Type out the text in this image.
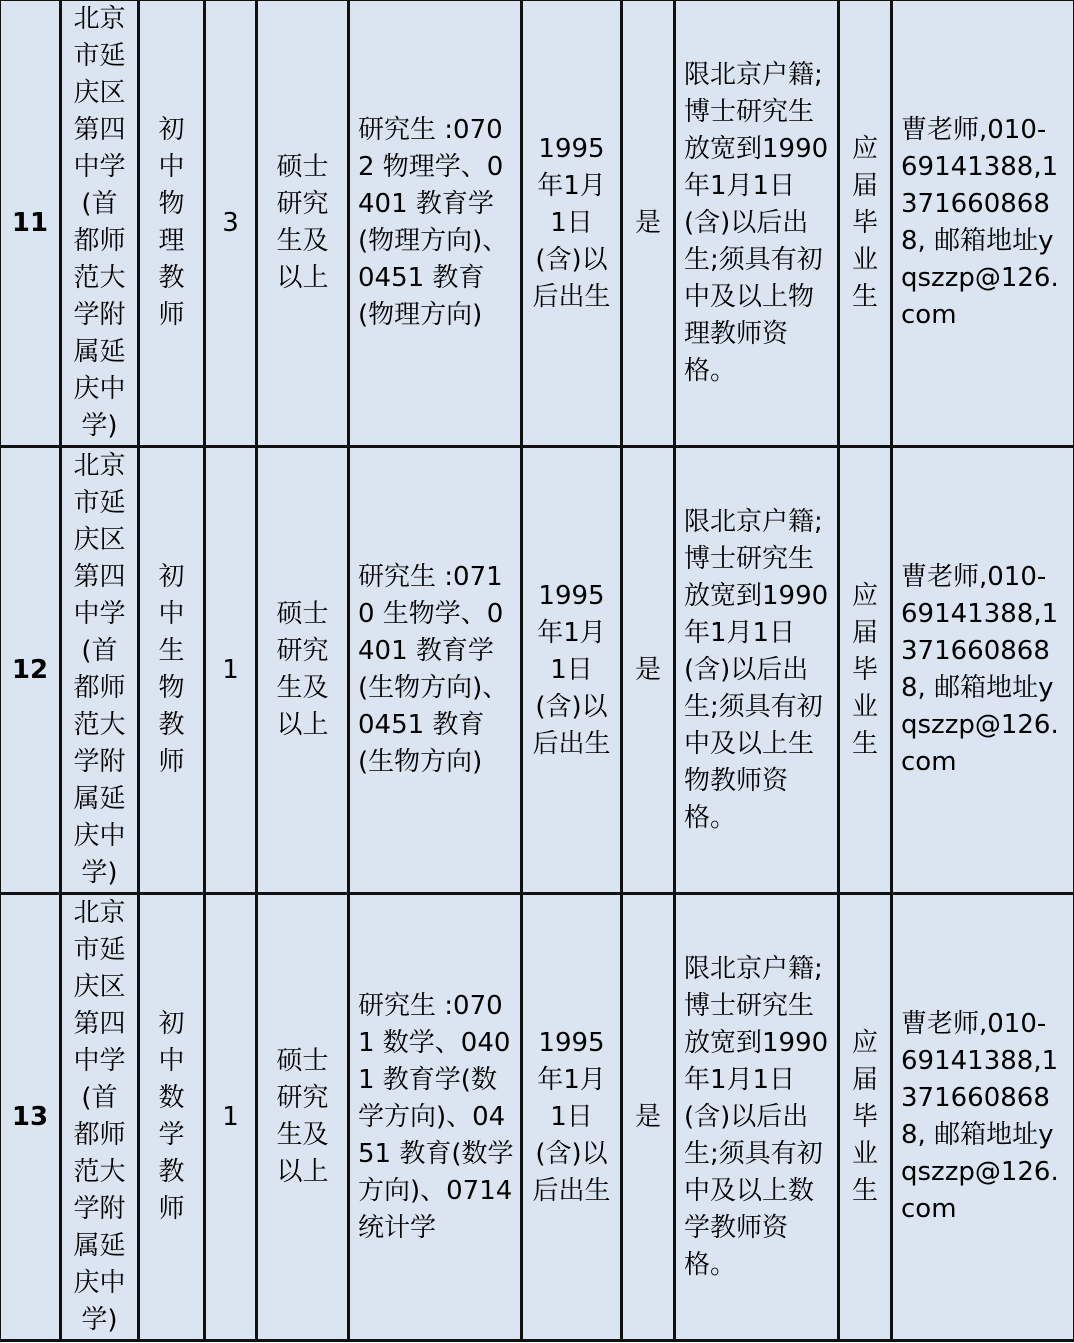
11	北京市延庆区第四中学(首都师范大学附属延庆中学)	初中物理教师	3	硕士研究生及以上	研究生 :0702 物理学、0401 教育学(物理方向)、0451 教育(物理方向)	1995 年1月1日(含)以后出生	是	限北京户籍;博士研究生放宽到1990 年1月1日(含)以后出生;须具有初中及以上物理教师资格。	应届毕业生	曹老师,010-69141388,13716608688, 邮箱地址yqszzp@126.com
12	北京市延庆区第四中学(首都师范大学附属延庆中学)	初中生物教师	1	硕士研究生及以上	研究生 :0710 生物学、0401 教育学(生物方向)、0451 教育(生物方向)	1995 年1月1日(含)以后出生	是	限北京户籍;博士研究生放宽到1990 年1月1日(含)以后出生;须具有初中及以上生物教师资格。	应届毕业生	曹老师,010-69141388,13716608688, 邮箱地址yqszzp@126.com
13	北京市延庆区第四中学(首都师范大学附属延庆中学)	初中数学教师	1	硕士研究生及以上	研究生 :0701 数学、0401 教育学(数学方向)、0451 教育(数学方向)、0714 统计学	1995 年1月1日(含)以后出生	是	限北京户籍;博士研究生放宽到1990 年1月1日(含)以后出生;须具有初中及以上数学教师资格。	应届毕业生	曹老师,010-69141388,13716608688, 邮箱地址yqszzp@126.com
